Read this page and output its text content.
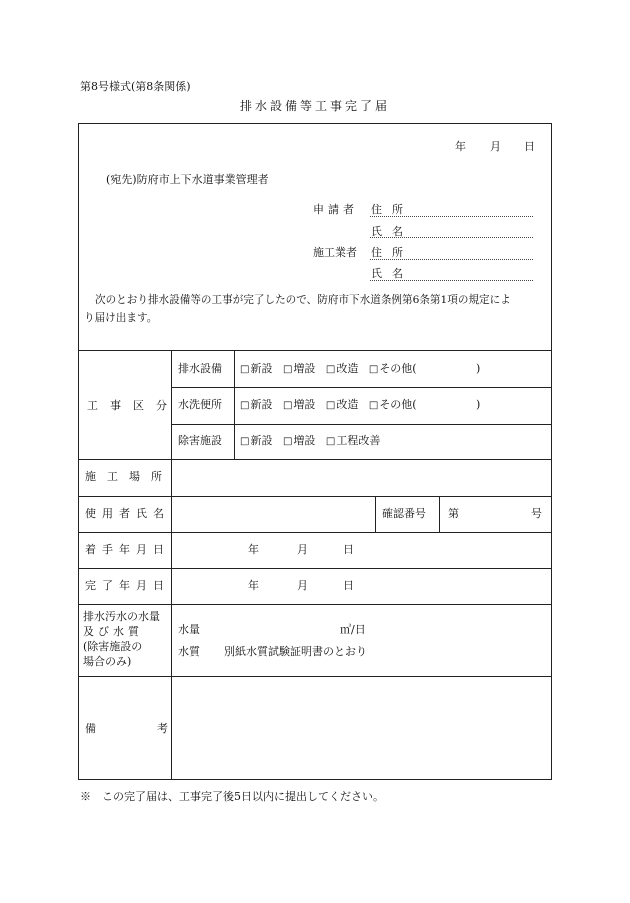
第8号様式(第8条関係)
排水設備等工事完了届
年 月 日
(宛先)防府市上下水道事業管理者
申請者 住所
氏名
施工業者 住所
氏名
次のとおり排水設備等の工事が完了したので、防府市下水道条例第6条第1項の規定によ
り届け出ます。
工事区分
排水設備 □新設 □増設 □改造 □その他(	)
水洗便所 □新設 □増設 □改造 □その他(	)
除害施設 □新設 □増設 □工程改善
施工場所
使用者氏名	確認番号 第	号
着手年月日	年	月	日
完了年月日	年	月	日
排水汚水の水量
及び水質
(除害施設の
場合のみ)
水量	㎥/日
水質 別紙水質試験証明書のとおり
備	考
※　この完了届は、工事完了後5日以内に提出してください。
